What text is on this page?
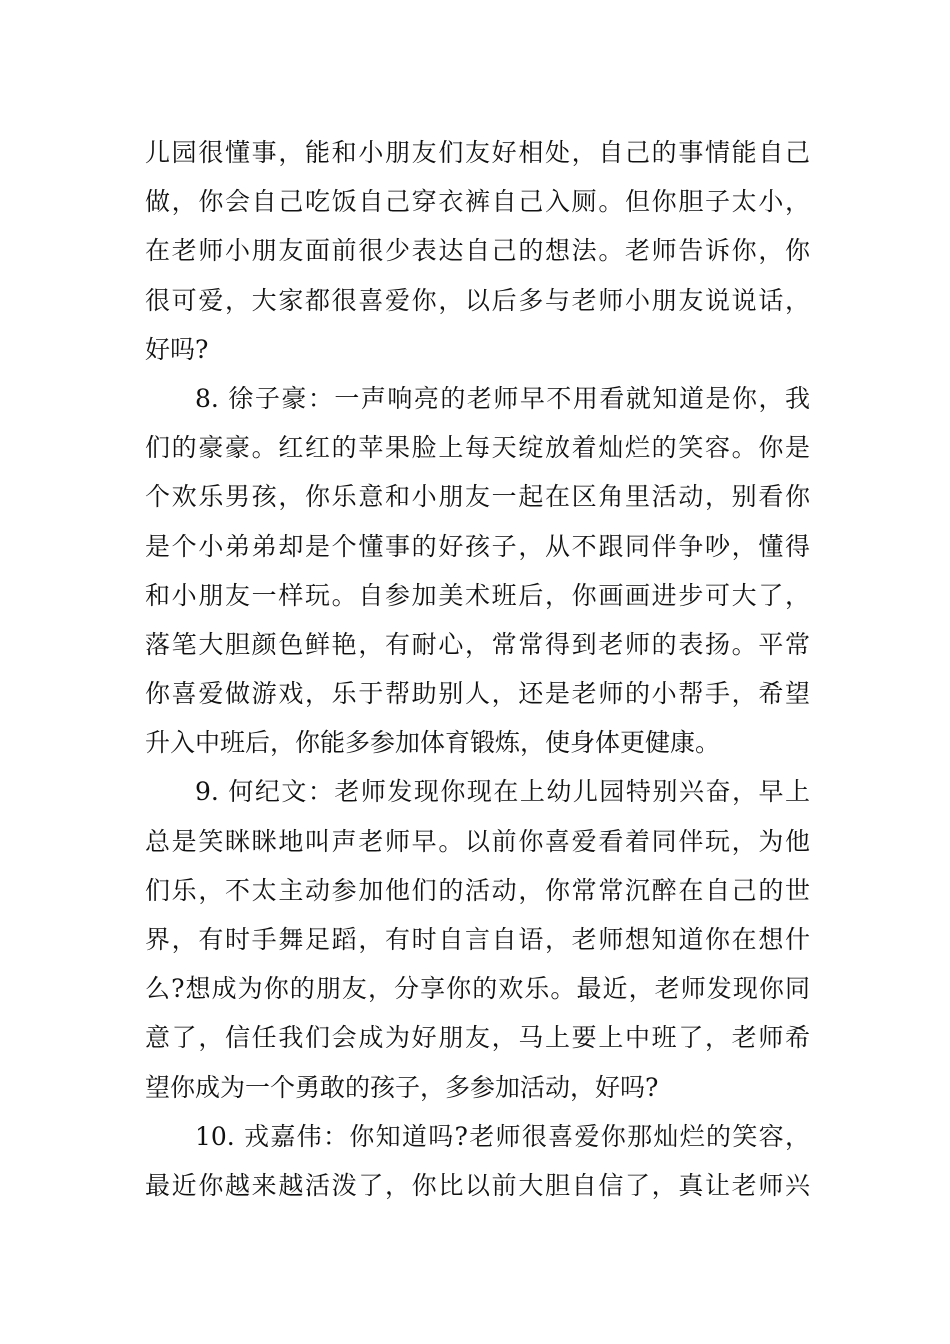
儿园很懂事，能和小朋友们友好相处，自己的事情能自己
做，你会自己吃饭自己穿衣裤自己入厕。但你胆子太小，
在老师小朋友面前很少表达自己的想法。老师告诉你，你
很可爱，大家都很喜爱你，以后多与老师小朋友说说话，
好吗?
8. 徐子豪：一声响亮的老师早不用看就知道是你，我
们的豪豪。红红的苹果脸上每天绽放着灿烂的笑容。你是
个欢乐男孩，你乐意和小朋友一起在区角里活动，别看你
是个小弟弟却是个懂事的好孩子，从不跟同伴争吵，懂得
和小朋友一样玩。自参加美术班后，你画画进步可大了，
落笔大胆颜色鲜艳，有耐心，常常得到老师的表扬。平常
你喜爱做游戏，乐于帮助别人，还是老师的小帮手，希望
升入中班后，你能多参加体育锻炼，使身体更健康。
9. 何纪文：老师发现你现在上幼儿园特别兴奋，早上
总是笑眯眯地叫声老师早。以前你喜爱看着同伴玩，为他
们乐，不太主动参加他们的活动，你常常沉醉在自己的世
界，有时手舞足蹈，有时自言自语，老师想知道你在想什
么?想成为你的朋友，分享你的欢乐。最近，老师发现你同
意了，信任我们会成为好朋友，马上要上中班了，老师希
望你成为一个勇敢的孩子，多参加活动，好吗?
10. 戎嘉伟：你知道吗?老师很喜爱你那灿烂的笑容，
最近你越来越活泼了，你比以前大胆自信了，真让老师兴
